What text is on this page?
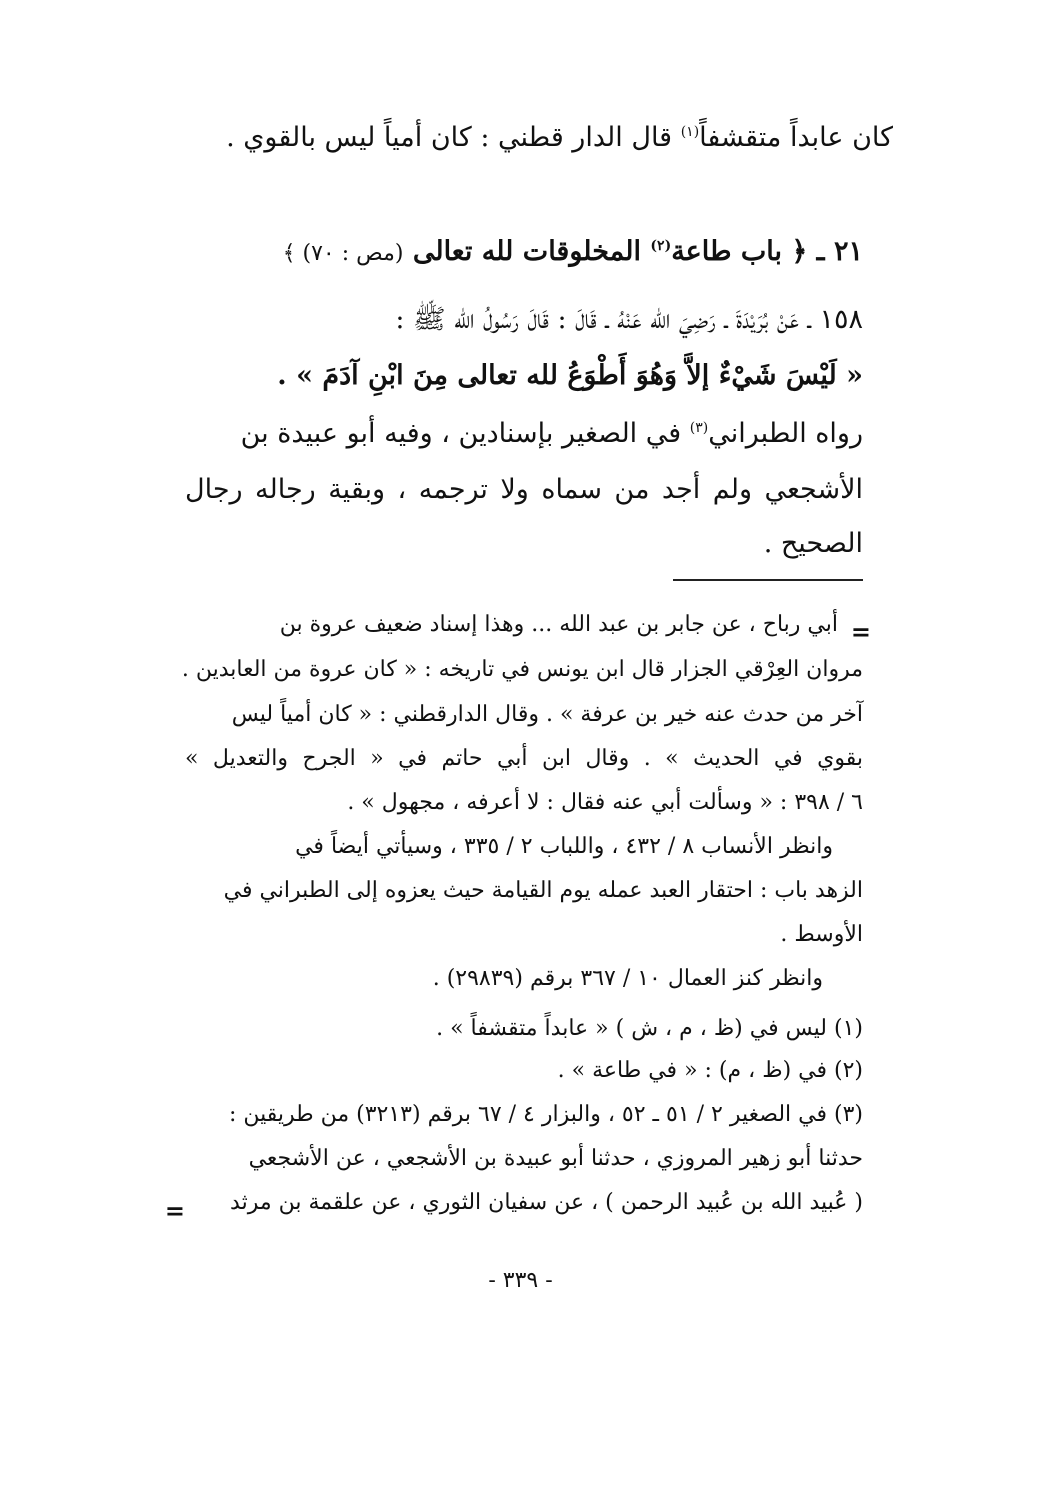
كان عابداً متقشفاً$^{(١)}$ قال الدار قطني : كان أمياً ليس بالقوي .
٢١ ـ ﴿ باب طاعة$^{(٢)}$ المخلوقات لله تعالى (مص : ٧٠) ﴾
١٥٨ ـ عَنْ بُرَيْدَةَ ـ رَضِيَ الله عَنْهُ ـ قَالَ : قَالَ رَسُولُ الله ﷺ :
« لَيْسَ شَيْءٌ إلاَّ وَهُوَ أَطْوَعُ لله تعالى مِنَ ابْنِ آدَمَ » .
رواه الطبراني$^{(٣)}$ في الصغير بإسنادين ، وفيه أبو عبيدة بن
الأشجعي ولم أجد من سماه ولا ترجمه ، وبقية رجاله رجال
الصحيح .
=
أبي رباح ، عن جابر بن عبد الله ... وهذا إسناد ضعيف عروة بن
مروان العِرْقي الجزار قال ابن يونس في تاريخه : « كان عروة من العابدين .
آخر من حدث عنه خير بن عرفة » . وقال الدارقطني : « كان أمياً ليس
بقوي في الحديث » . وقال ابن أبي حاتم في « الجرح والتعديل »
٦ / ٣٩٨ : « وسألت أبي عنه فقال : لا أعرفه ، مجهول » .
وانظر الأنساب ٨ / ٤٣٢ ، واللباب ٢ / ٣٣٥ ، وسيأتي أيضاً في
الزهد باب : احتقار العبد عمله يوم القيامة حيث يعزوه إلى الطبراني في
الأوسط .
وانظر كنز العمال ١٠ / ٣٦٧ برقم (٢٩٨٣٩) .
(١) ليس في (ظ ، م ، ش ) « عابداً متقشفاً » .
(٢) في (ظ ، م) : « في طاعة » .
(٣) في الصغير ٢ / ٥١ ـ ٥٢ ، والبزار ٤ / ٦٧ برقم (٣٢١٣) من طريقين :
حدثنا أبو زهير المروزي ، حدثنا أبو عبيدة بن الأشجعي ، عن الأشجعي
( عُبيد الله بن عُبيد الرحمن ) ، عن سفيان الثوري ، عن علقمة بن مرثد
=
- ٣٣٩ -
